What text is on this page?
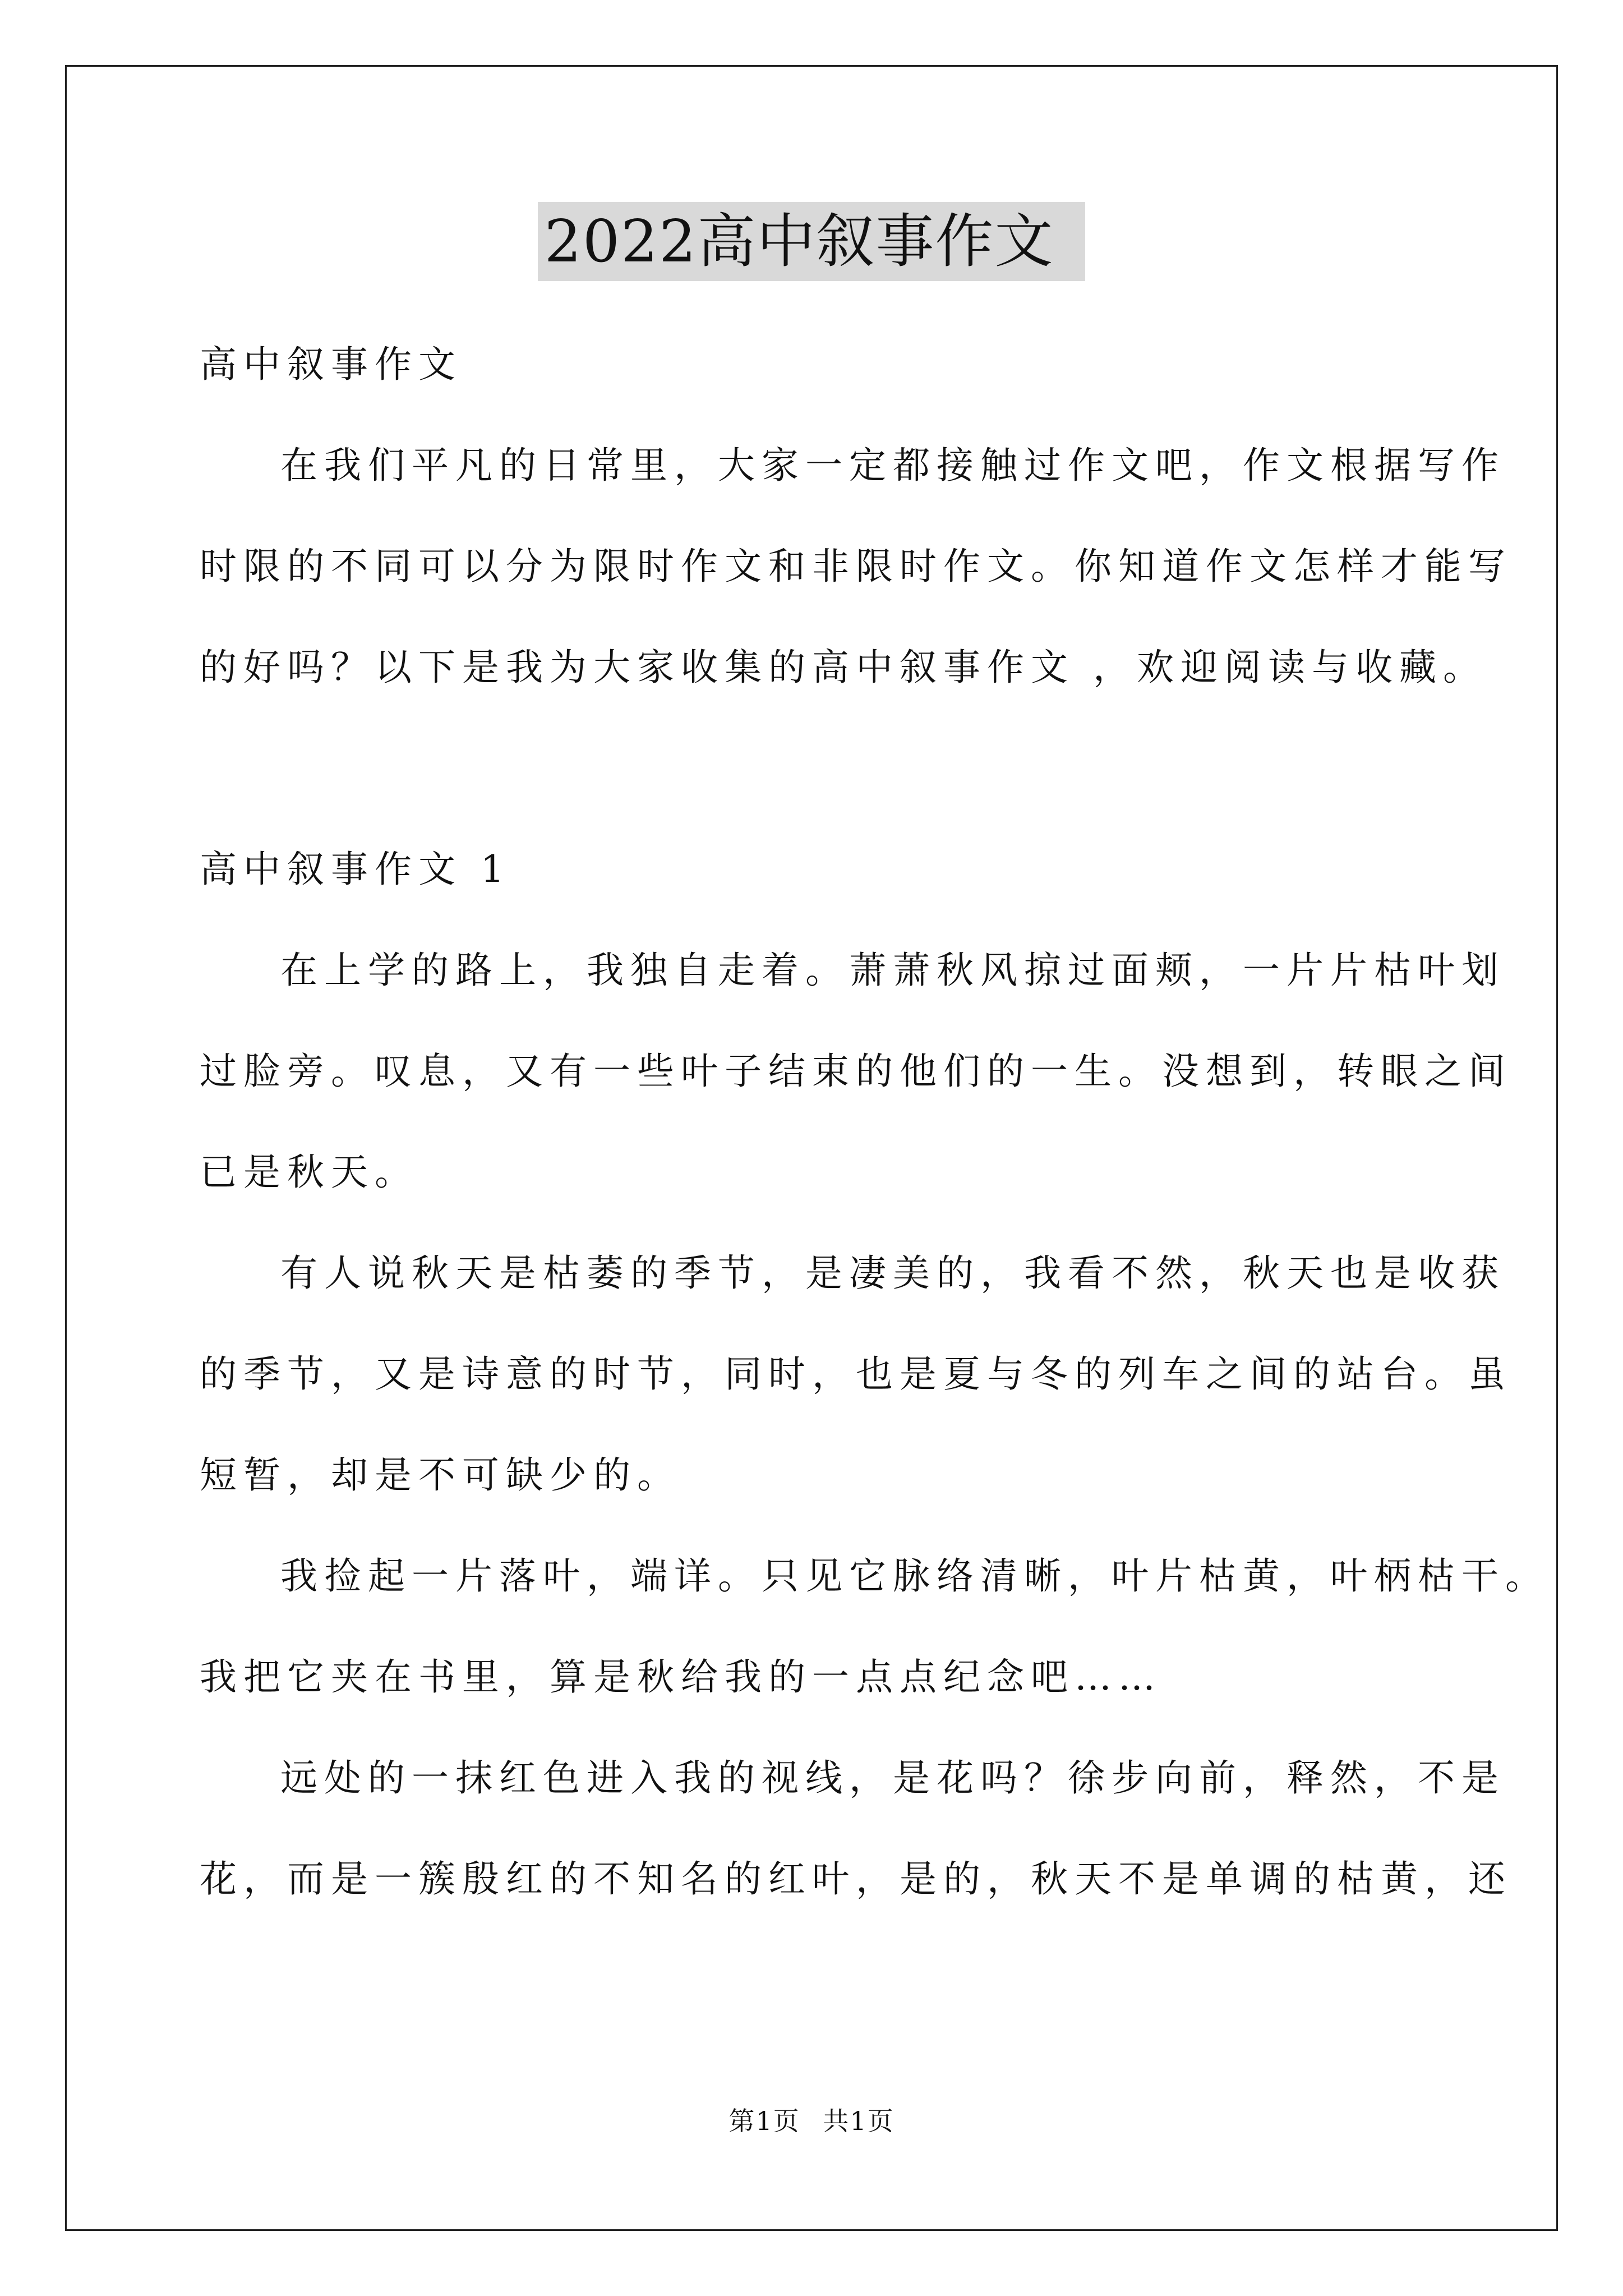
2022高中叙事作文

高中叙事作文

在我们平凡的日常里，大家一定都接触过作文吧，作文根据写作

时限的不同可以分为限时作文和非限时作文。你知道作文怎样才能写

的好吗？以下是我为大家收集的高中叙事作文 ，欢迎阅读与收藏。

高中叙事作文 1

在上学的路上，我独自走着。萧萧秋风掠过面颊，一片片枯叶划

过脸旁。叹息，又有一些叶子结束的他们的一生。没想到，转眼之间

已是秋天。

有人说秋天是枯萎的季节，是凄美的，我看不然，秋天也是收获

的季节，又是诗意的时节，同时，也是夏与冬的列车之间的站台。虽

短暂，却是不可缺少的。

我捡起一片落叶，端详。只见它脉络清晰，叶片枯黄，叶柄枯干。

我把它夹在书里，算是秋给我的一点点纪念吧……

远处的一抹红色进入我的视线，是花吗？徐步向前，释然，不是

花，而是一簇殷红的不知名的红叶，是的，秋天不是单调的枯黄，还

第1页 共1页
